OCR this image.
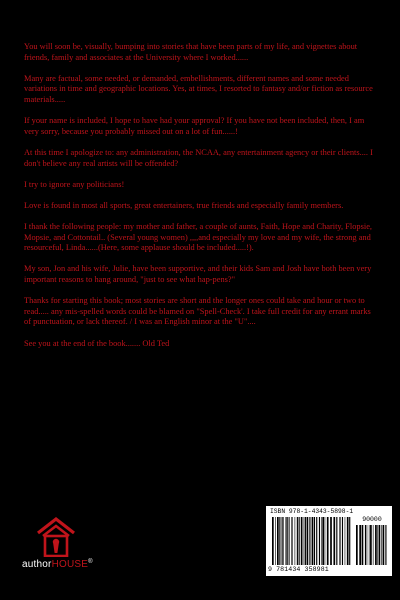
You will soon be, visually, bumping into stories that have been parts of my life, and vignettes about friends, family and associates at the University where I worked......

Many are factual, some needed, or demanded, embellishments, different names and some needed variations in time and geographic locations. Yes, at times, I resorted to fantasy and/or fiction as resource materials.....

If your name is included, I hope to have had your approval? If you have not been included, then, I am very sorry, because you probably missed out on a lot of fun......!

At this time I apologize to: any administration, the NCAA, any entertainment agency or their clients.... I don't believe any real artists will be offended?

I try to ignore any politicians!

Love is found in most all sports, great entertainers, true friends and especially family members.

I thank the following people: my mother and father, a couple of aunts, Faith, Hope and Charity, Flopsie, Mopsie, and Cottontail.. (Several young women) ,,,,and especially my love and my wife, the strong and resourceful, Linda......(Here, some applause should be included.....!).

My son, Jon and his wife, Julie, have been supportive, and their kids Sam and Josh have both been very important reasons to hang around, "just to see what hap-pens?"

Thanks for starting this book; most stories are short and the longer ones could take and hour or two to read..... any mis-spelled words could be blamed on "Spell-Check'. I take full credit for any errant marks of punctuation, or lack thereof. / I was an English minor at the "U"....

See you at the end of the book....... Old Ted

authorHOUSE®
ISBN 978-1-4343-5898-1
90000
9 781434 358981
